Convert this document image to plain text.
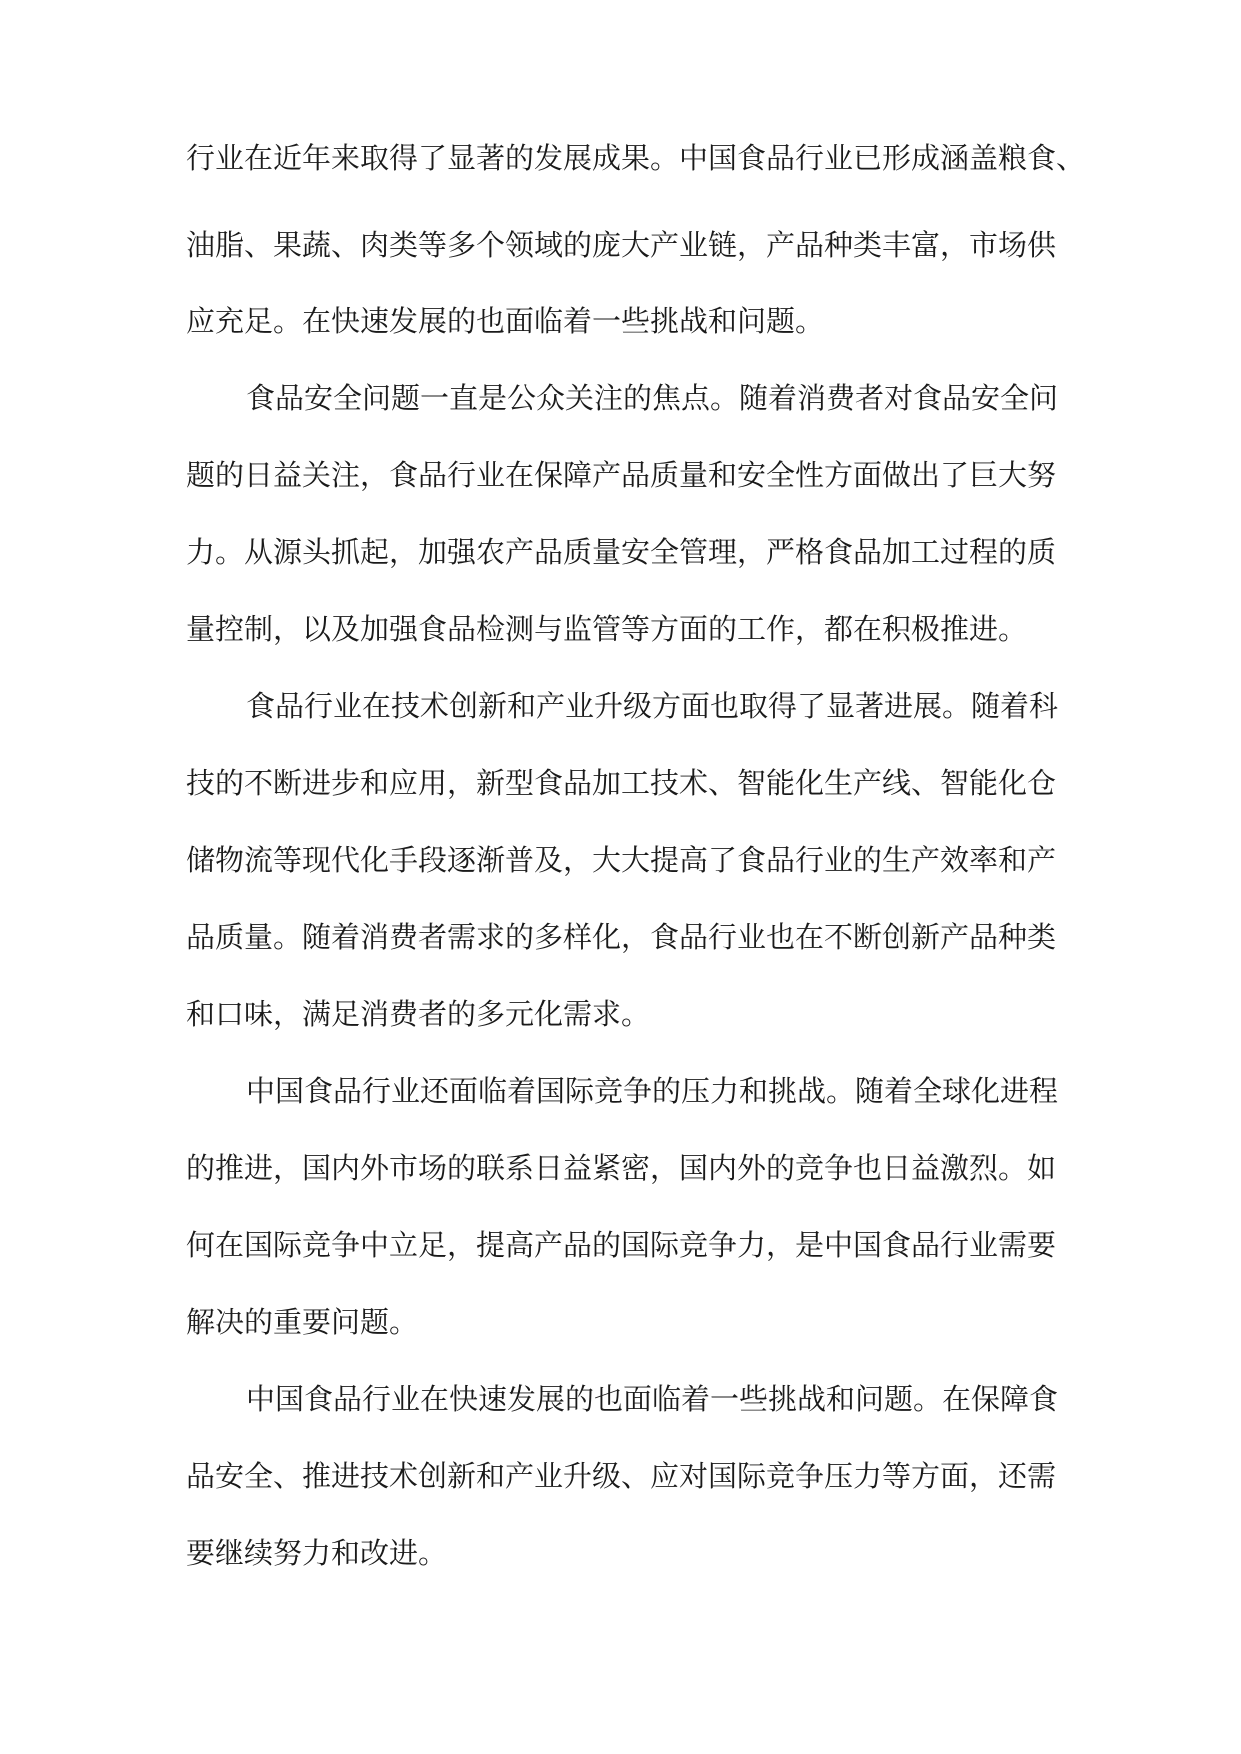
行业在近年来取得了显著的发展成果。中国食品行业已形成涵盖粮食、
油脂、果蔬、肉类等多个领域的庞大产业链，产品种类丰富，市场供
应充足。在快速发展的也面临着一些挑战和问题。
食品安全问题一直是公众关注的焦点。随着消费者对食品安全问
题的日益关注，食品行业在保障产品质量和安全性方面做出了巨大努
力。从源头抓起，加强农产品质量安全管理，严格食品加工过程的质
量控制，以及加强食品检测与监管等方面的工作，都在积极推进。
食品行业在技术创新和产业升级方面也取得了显著进展。随着科
技的不断进步和应用，新型食品加工技术、智能化生产线、智能化仓
储物流等现代化手段逐渐普及，大大提高了食品行业的生产效率和产
品质量。随着消费者需求的多样化，食品行业也在不断创新产品种类
和口味，满足消费者的多元化需求。
中国食品行业还面临着国际竞争的压力和挑战。随着全球化进程
的推进，国内外市场的联系日益紧密，国内外的竞争也日益激烈。如
何在国际竞争中立足，提高产品的国际竞争力，是中国食品行业需要
解决的重要问题。
中国食品行业在快速发展的也面临着一些挑战和问题。在保障食
品安全、推进技术创新和产业升级、应对国际竞争压力等方面，还需
要继续努力和改进。
